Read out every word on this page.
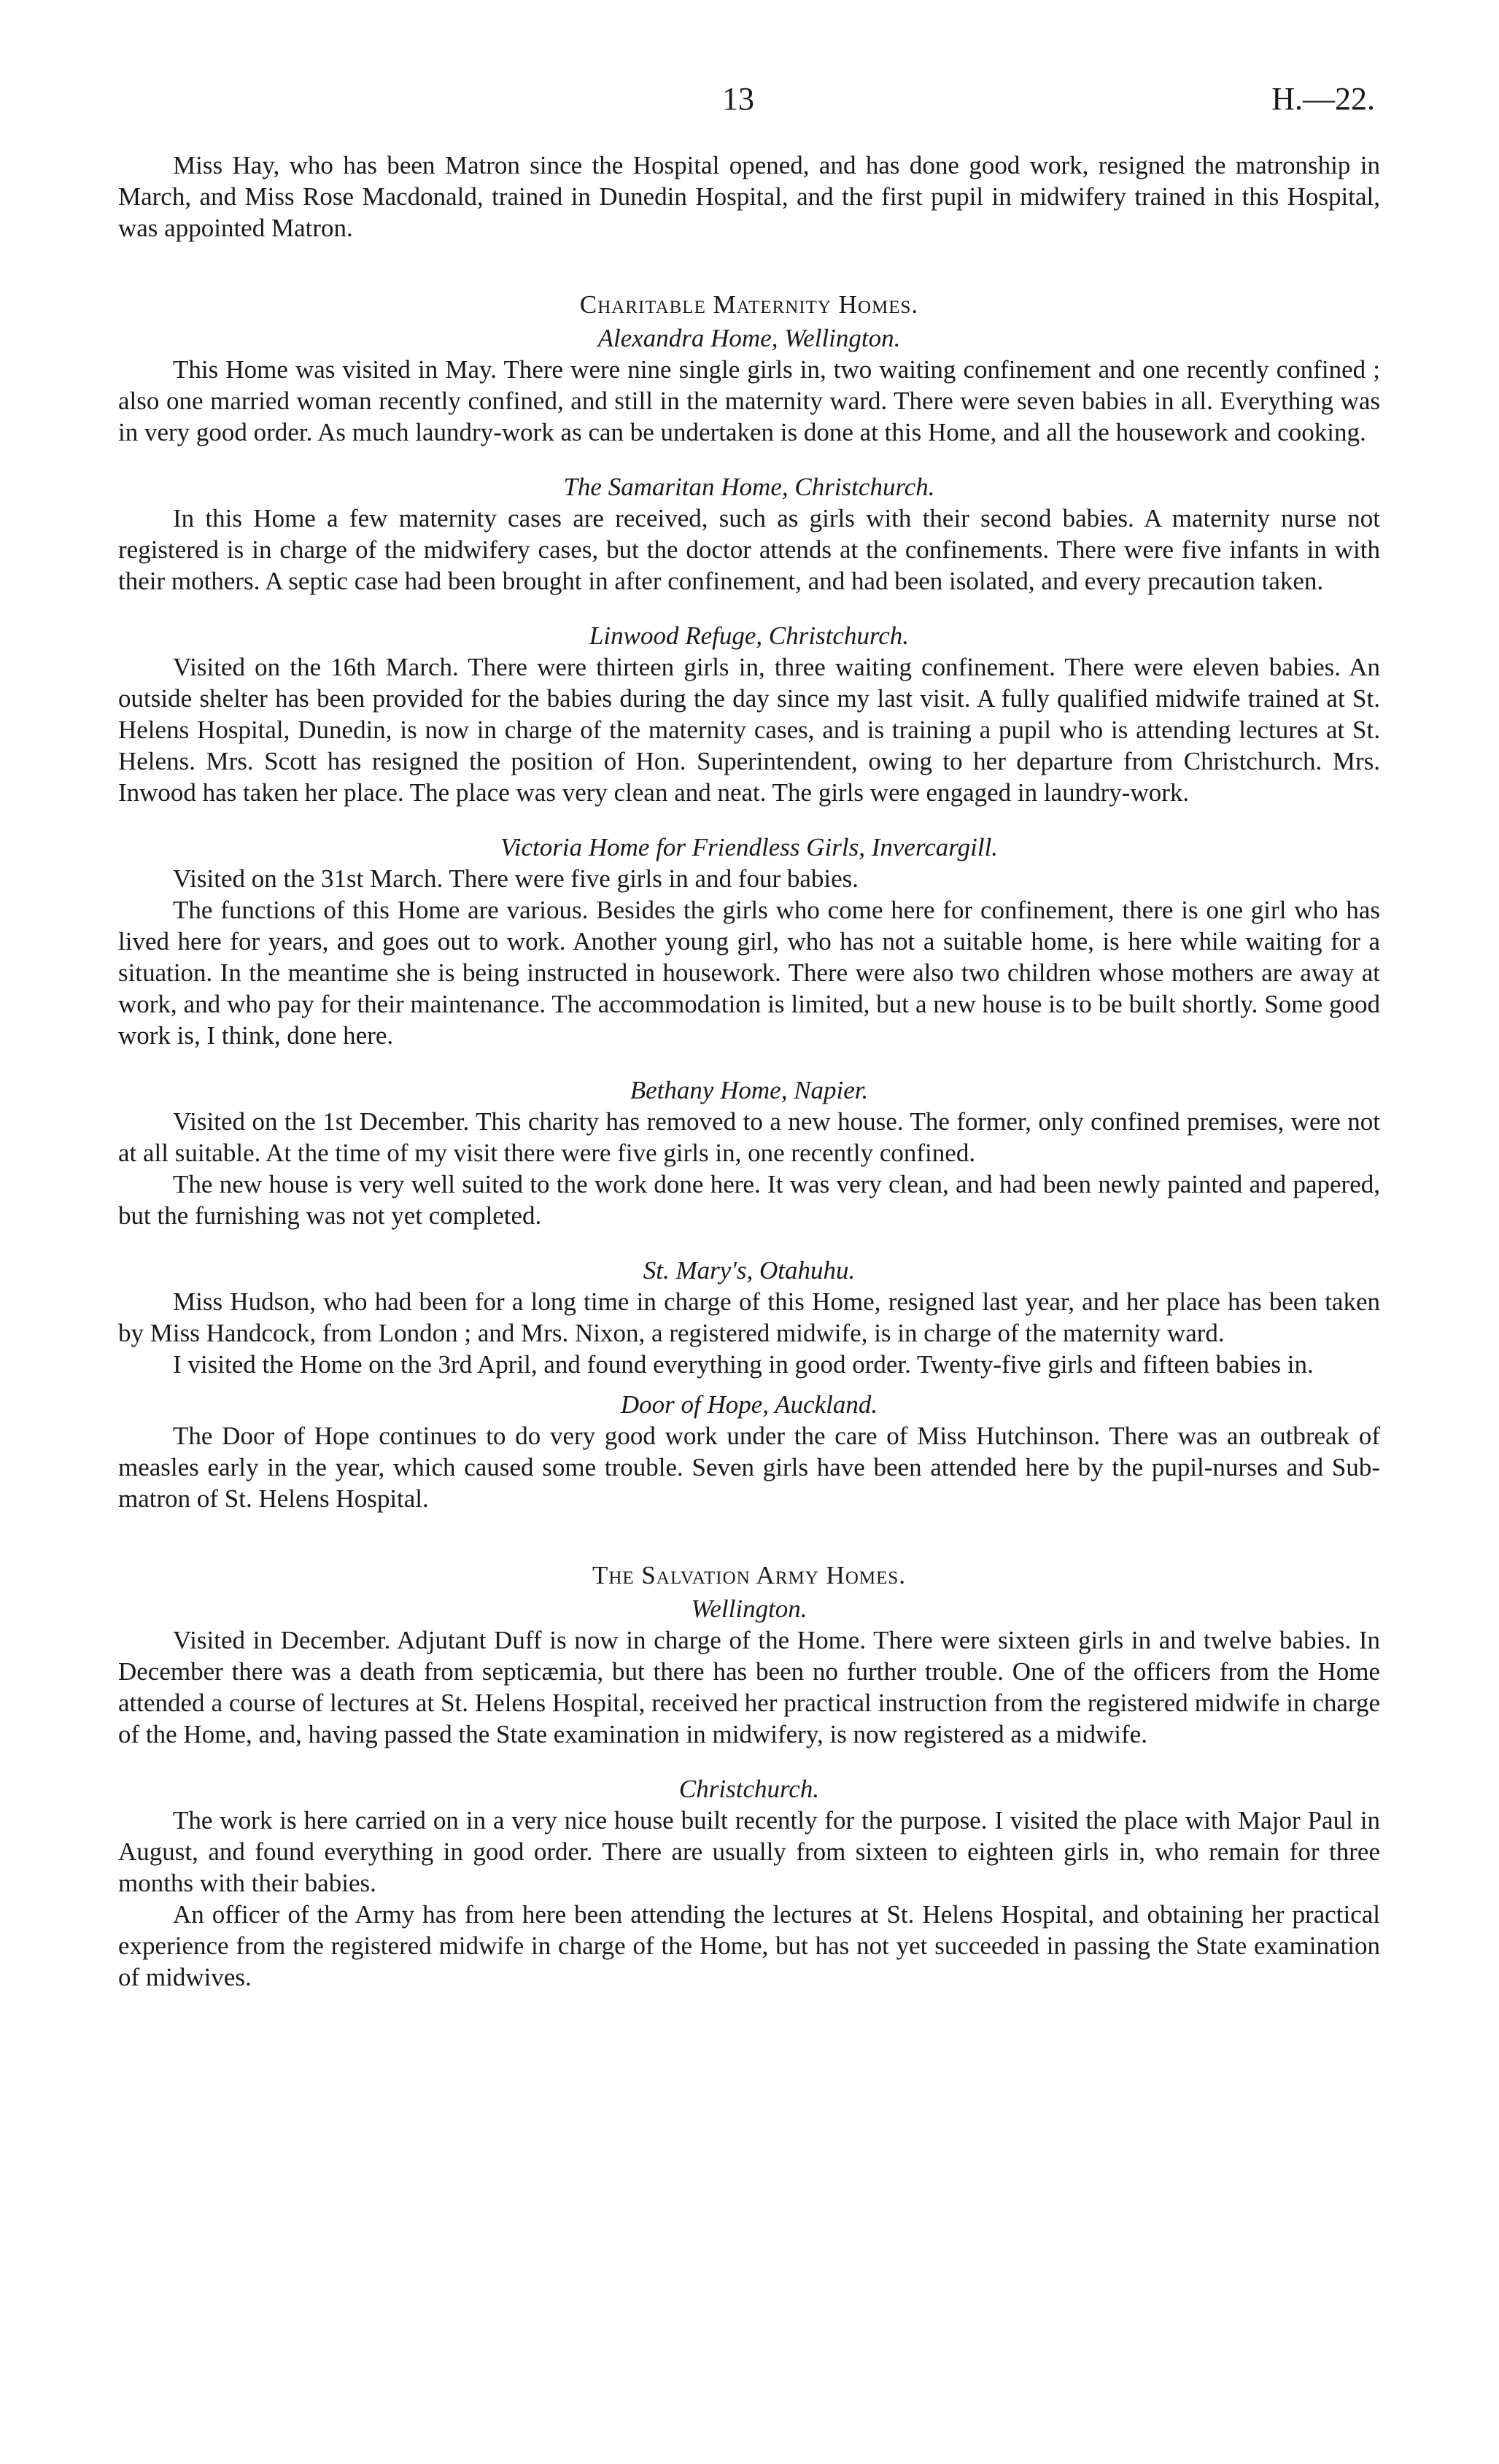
13	H.—22.

Miss Hay, who has been Matron since the Hospital opened, and has done good work, resigned the matronship in March, and Miss Rose Macdonald, trained in Dunedin Hospital, and the first pupil in midwifery trained in this Hospital, was appointed Matron.

Charitable Maternity Homes.
Alexandra Home, Wellington.

This Home was visited in May. There were nine single girls in, two waiting confinement and one recently confined ; also one married woman recently confined, and still in the maternity ward. There were seven babies in all. Everything was in very good order. As much laundry-work as can be undertaken is done at this Home, and all the housework and cooking.

The Samaritan Home, Christchurch.

In this Home a few maternity cases are received, such as girls with their second babies. A maternity nurse not registered is in charge of the midwifery cases, but the doctor attends at the confinements. There were five infants in with their mothers. A septic case had been brought in after confinement, and had been isolated, and every precaution taken.

Linwood Refuge, Christchurch.

Visited on the 16th March. There were thirteen girls in, three waiting confinement. There were eleven babies. An outside shelter has been provided for the babies during the day since my last visit. A fully qualified midwife trained at St. Helens Hospital, Dunedin, is now in charge of the maternity cases, and is training a pupil who is attending lectures at St. Helens. Mrs. Scott has resigned the position of Hon. Superintendent, owing to her departure from Christchurch. Mrs. Inwood has taken her place. The place was very clean and neat. The girls were engaged in laundry-work.

Victoria Home for Friendless Girls, Invercargill.

Visited on the 31st March. There were five girls in and four babies.

The functions of this Home are various. Besides the girls who come here for confinement, there is one girl who has lived here for years, and goes out to work. Another young girl, who has not a suitable home, is here while waiting for a situation. In the meantime she is being instructed in housework. There were also two children whose mothers are away at work, and who pay for their maintenance. The accommodation is limited, but a new house is to be built shortly. Some good work is, I think, done here.

Bethany Home, Napier.

Visited on the 1st December. This charity has removed to a new house. The former, only confined premises, were not at all suitable. At the time of my visit there were five girls in, one recently confined.

The new house is very well suited to the work done here. It was very clean, and had been newly painted and papered, but the furnishing was not yet completed.

St. Mary's, Otahuhu.

Miss Hudson, who had been for a long time in charge of this Home, resigned last year, and her place has been taken by Miss Handcock, from London ; and Mrs. Nixon, a registered midwife, is in charge of the maternity ward.

I visited the Home on the 3rd April, and found everything in good order. Twenty-five girls and fifteen babies in.

Door of Hope, Auckland.

The Door of Hope continues to do very good work under the care of Miss Hutchinson. There was an outbreak of measles early in the year, which caused some trouble. Seven girls have been attended here by the pupil-nurses and Sub-matron of St. Helens Hospital.

The Salvation Army Homes.
Wellington.

Visited in December. Adjutant Duff is now in charge of the Home. There were sixteen girls in and twelve babies. In December there was a death from septicæmia, but there has been no further trouble. One of the officers from the Home attended a course of lectures at St. Helens Hospital, received her practical instruction from the registered midwife in charge of the Home, and, having passed the State examination in midwifery, is now registered as a midwife.

Christchurch.

The work is here carried on in a very nice house built recently for the purpose. I visited the place with Major Paul in August, and found everything in good order. There are usually from sixteen to eighteen girls in, who remain for three months with their babies.

An officer of the Army has from here been attending the lectures at St. Helens Hospital, and obtaining her practical experience from the registered midwife in charge of the Home, but has not yet succeeded in passing the State examination of midwives.
